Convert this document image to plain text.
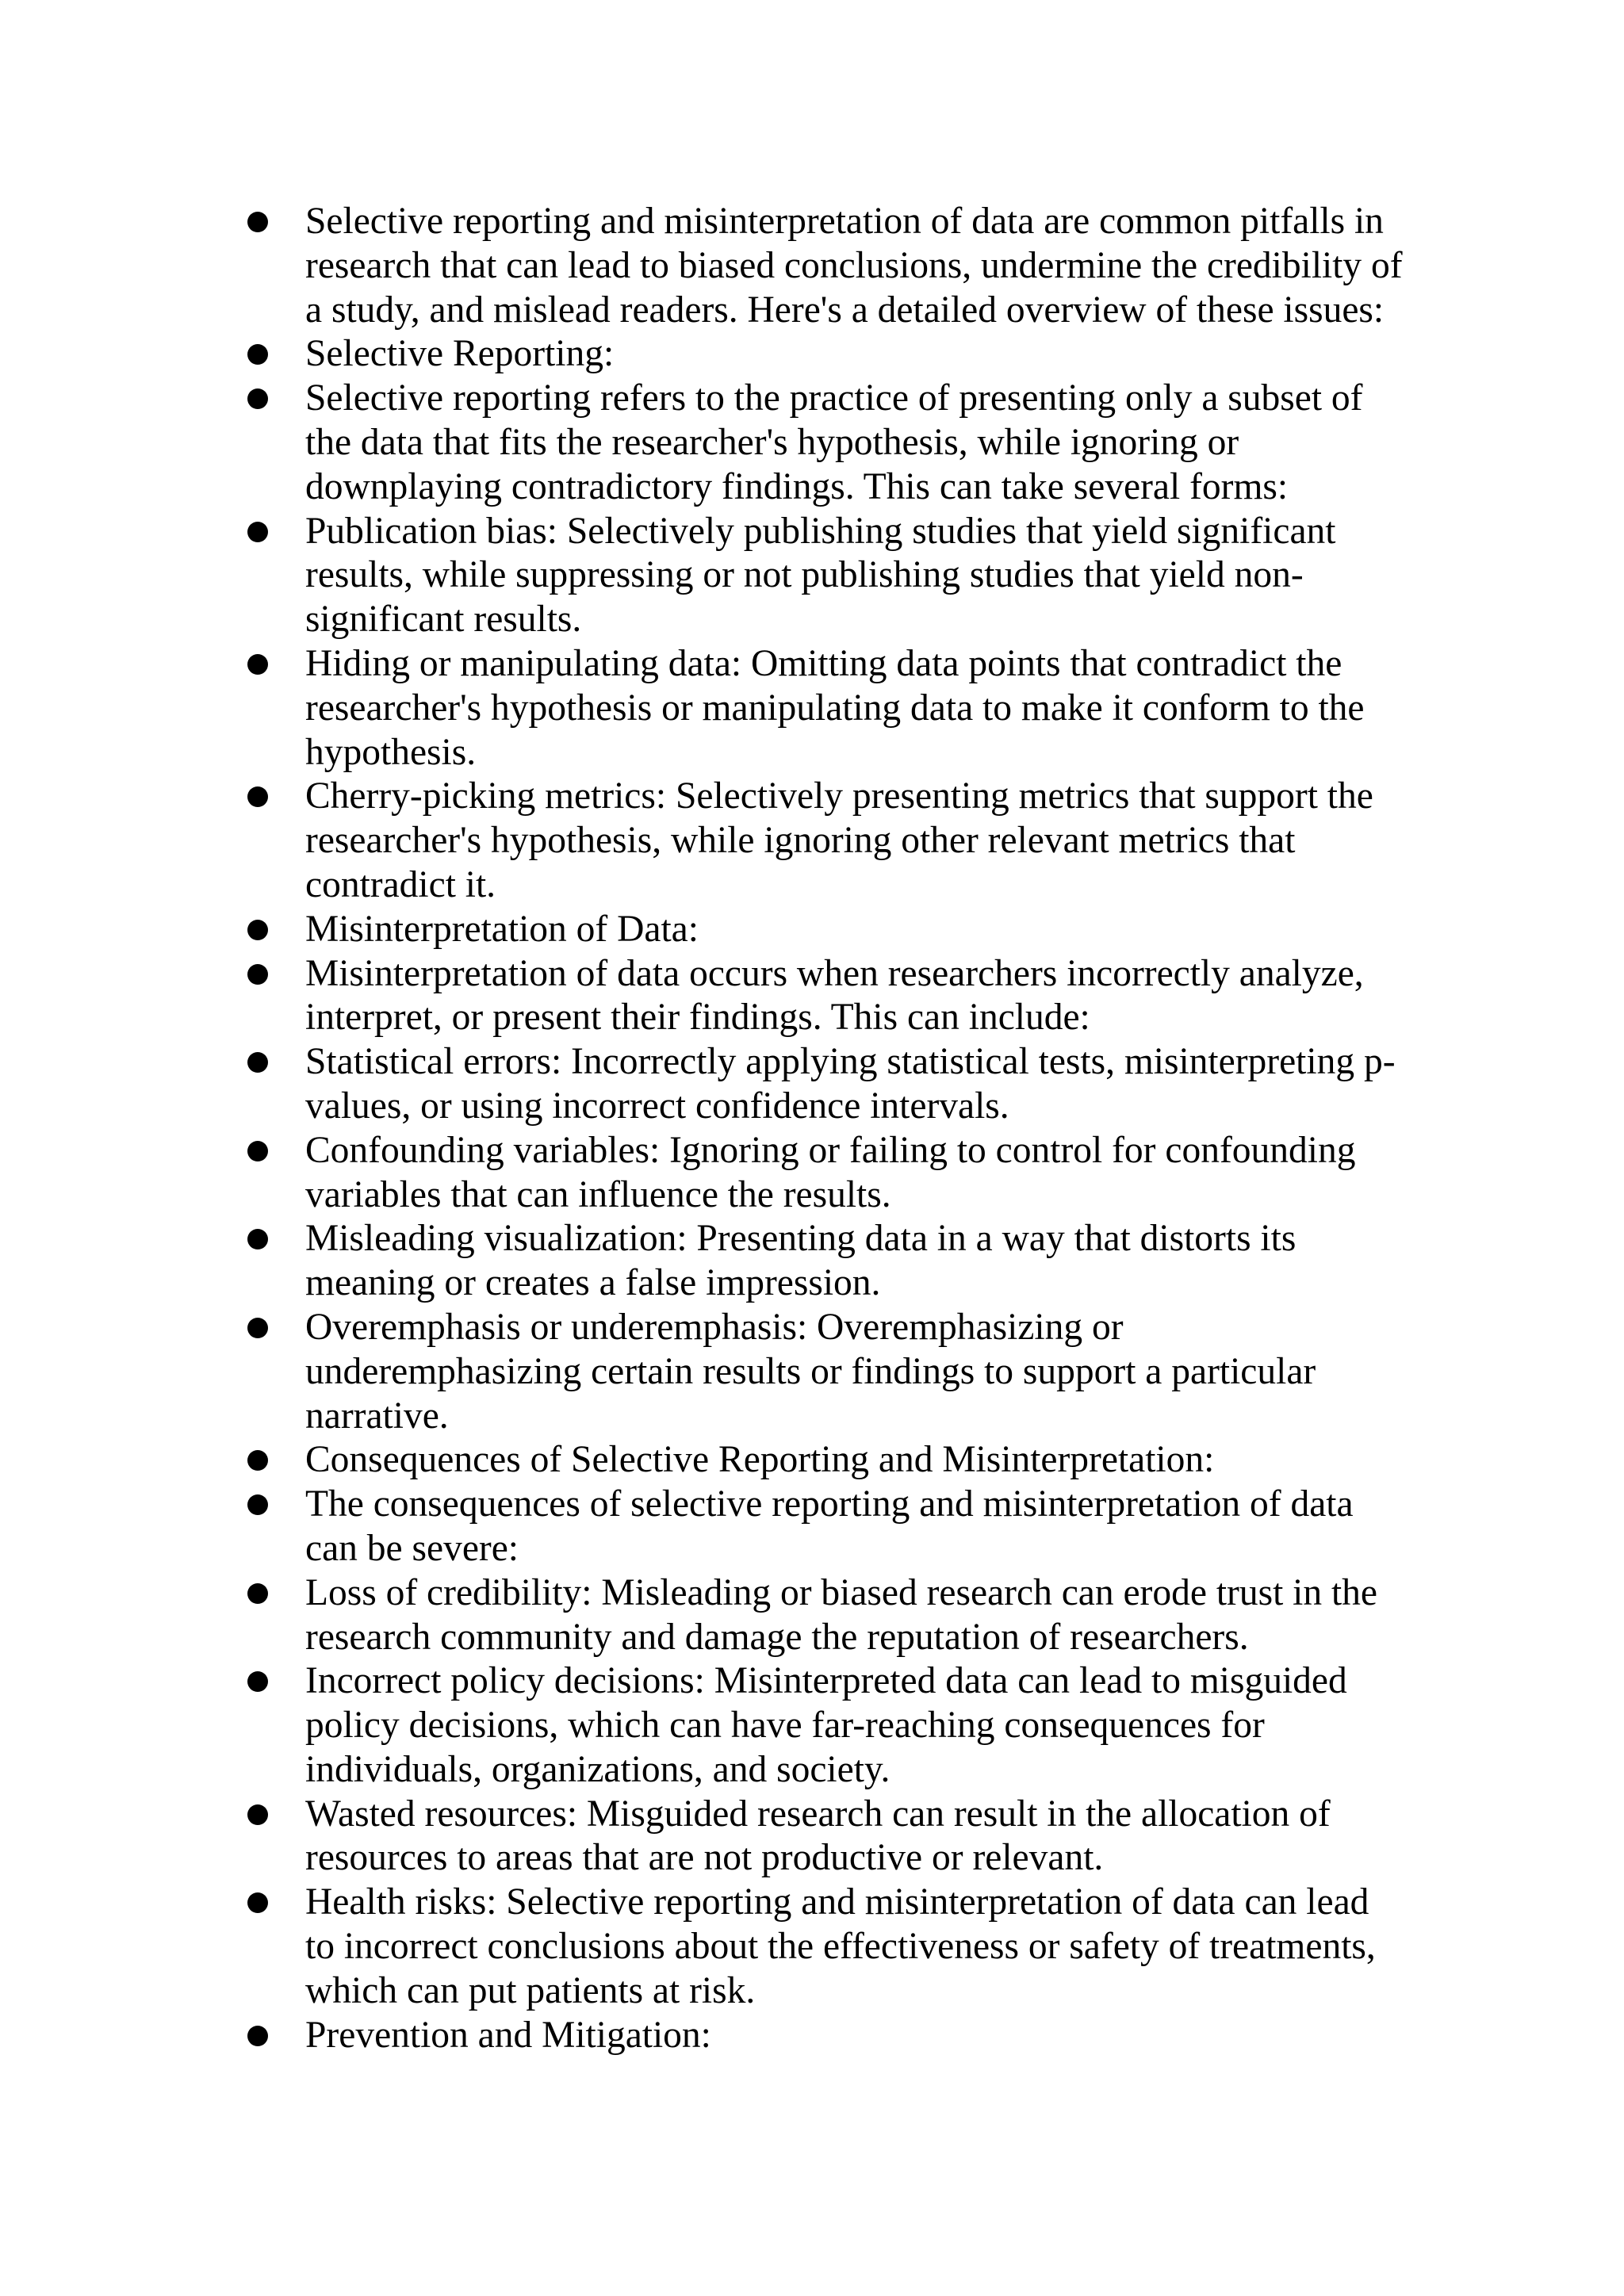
Selective reporting and misinterpretation of data are common pitfalls in research that can lead to biased conclusions, undermine the credibility of a study, and mislead readers. Here's a detailed overview of these issues:
Selective Reporting:
Selective reporting refers to the practice of presenting only a subset of the data that fits the researcher's hypothesis, while ignoring or downplaying contradictory findings. This can take several forms:
Publication bias: Selectively publishing studies that yield significant results, while suppressing or not publishing studies that yield non-significant results.
Hiding or manipulating data: Omitting data points that contradict the researcher's hypothesis or manipulating data to make it conform to the hypothesis.
Cherry-picking metrics: Selectively presenting metrics that support the researcher's hypothesis, while ignoring other relevant metrics that contradict it.
Misinterpretation of Data:
Misinterpretation of data occurs when researchers incorrectly analyze, interpret, or present their findings. This can include:
Statistical errors: Incorrectly applying statistical tests, misinterpreting p-values, or using incorrect confidence intervals.
Confounding variables: Ignoring or failing to control for confounding variables that can influence the results.
Misleading visualization: Presenting data in a way that distorts its meaning or creates a false impression.
Overemphasis or underemphasis: Overemphasizing or underemphasizing certain results or findings to support a particular narrative.
Consequences of Selective Reporting and Misinterpretation:
The consequences of selective reporting and misinterpretation of data can be severe:
Loss of credibility: Misleading or biased research can erode trust in the research community and damage the reputation of researchers.
Incorrect policy decisions: Misinterpreted data can lead to misguided policy decisions, which can have far-reaching consequences for individuals, organizations, and society.
Wasted resources: Misguided research can result in the allocation of resources to areas that are not productive or relevant.
Health risks: Selective reporting and misinterpretation of data can lead to incorrect conclusions about the effectiveness or safety of treatments, which can put patients at risk.
Prevention and Mitigation:
